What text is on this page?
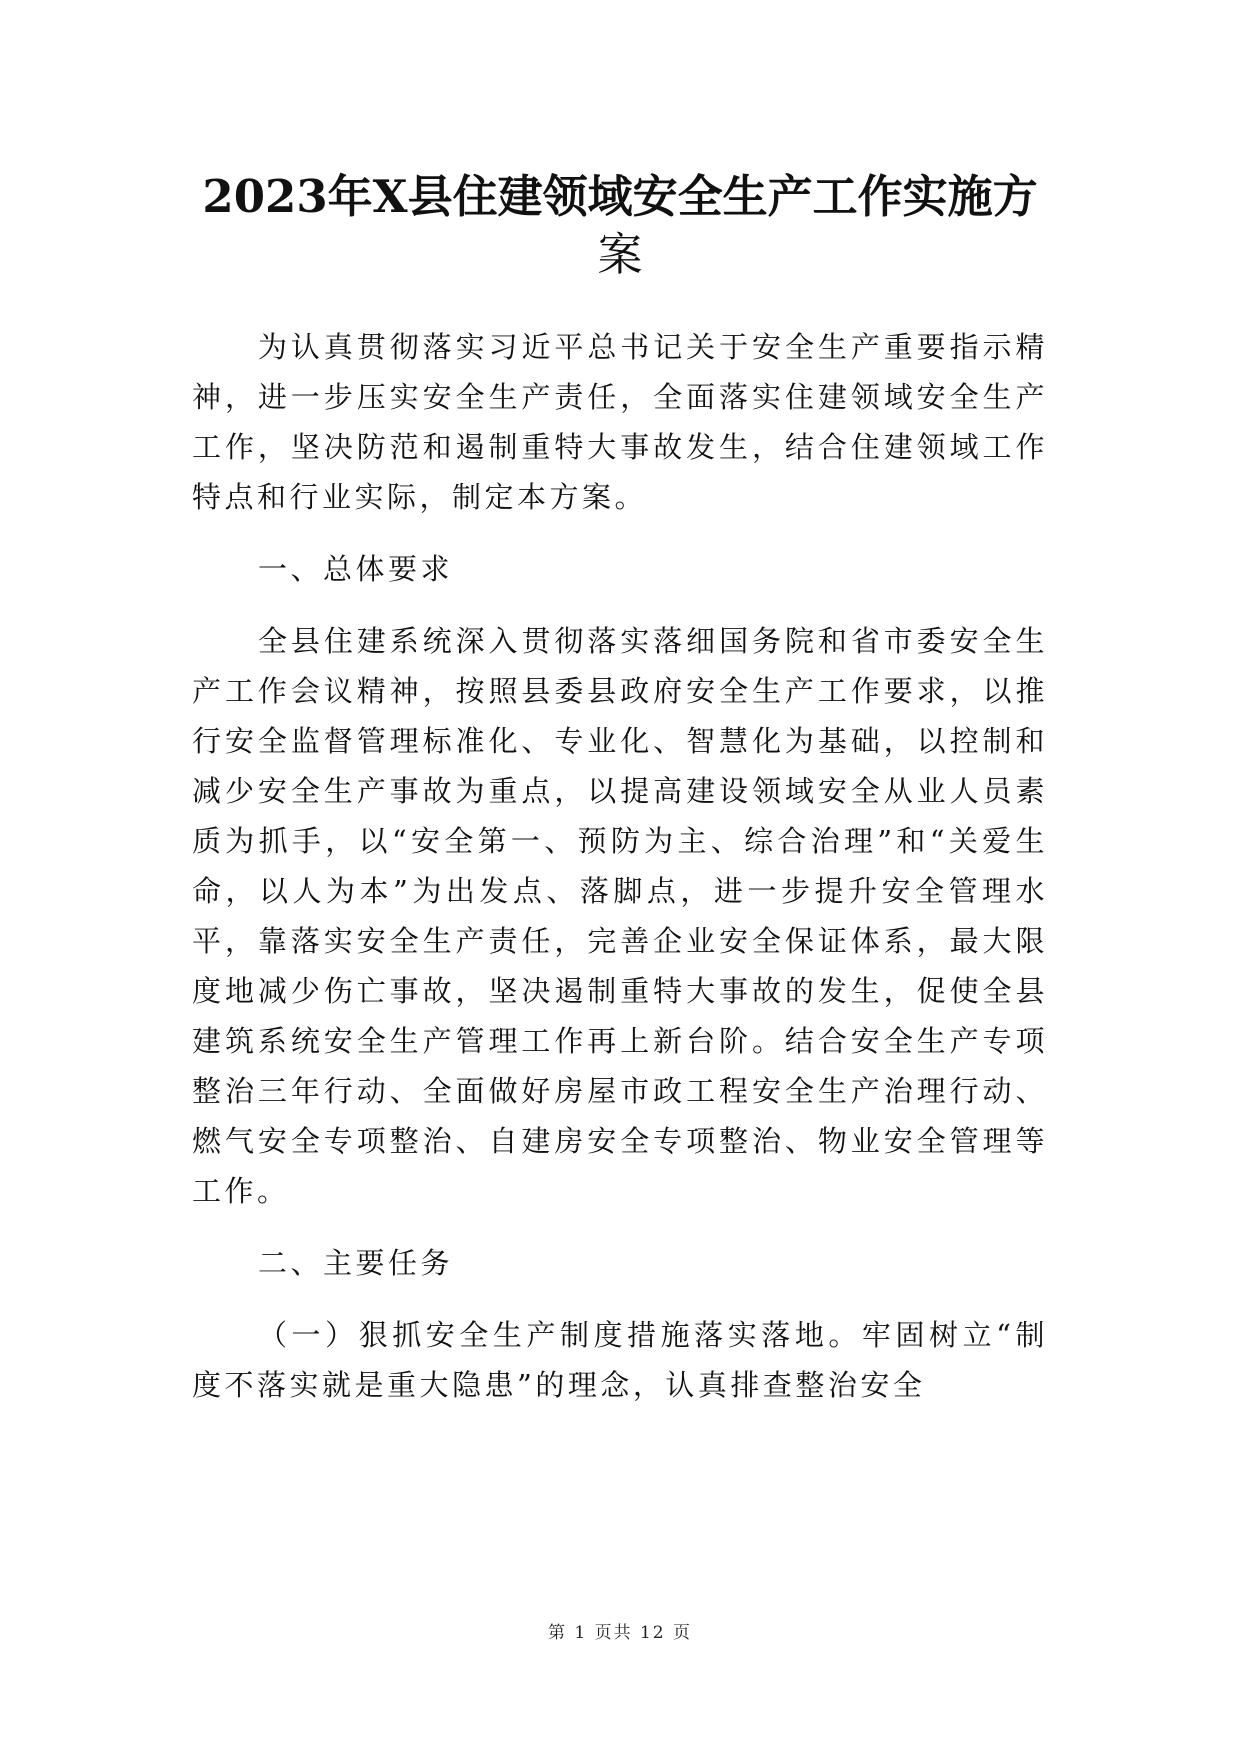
2023年X县住建领域安全生产工作实施方
案

为认真贯彻落实习近平总书记关于安全生产重要指示精神，进一步压实安全生产责任，全面落实住建领域安全生产工作，坚决防范和遏制重特大事故发生，结合住建领域工作特点和行业实际，制定本方案。

一、总体要求

全县住建系统深入贯彻落实落细国务院和省市委安全生产工作会议精神，按照县委县政府安全生产工作要求，以推行安全监督管理标准化、专业化、智慧化为基础，以控制和减少安全生产事故为重点，以提高建设领域安全从业人员素质为抓手，以“安全第一、预防为主、综合治理”和“关爱生命，以人为本”为出发点、落脚点，进一步提升安全管理水平，靠落实安全生产责任，完善企业安全保证体系，最大限度地减少伤亡事故，坚决遏制重特大事故的发生，促使全县建筑系统安全生产管理工作再上新台阶。结合安全生产专项整治三年行动、全面做好房屋市政工程安全生产治理行动、燃气安全专项整治、自建房安全专项整治、物业安全管理等工作。

二、主要任务

（一）狠抓安全生产制度措施落实落地。牢固树立“制度不落实就是重大隐患”的理念，认真排查整治安全

第 1 页共 12 页
